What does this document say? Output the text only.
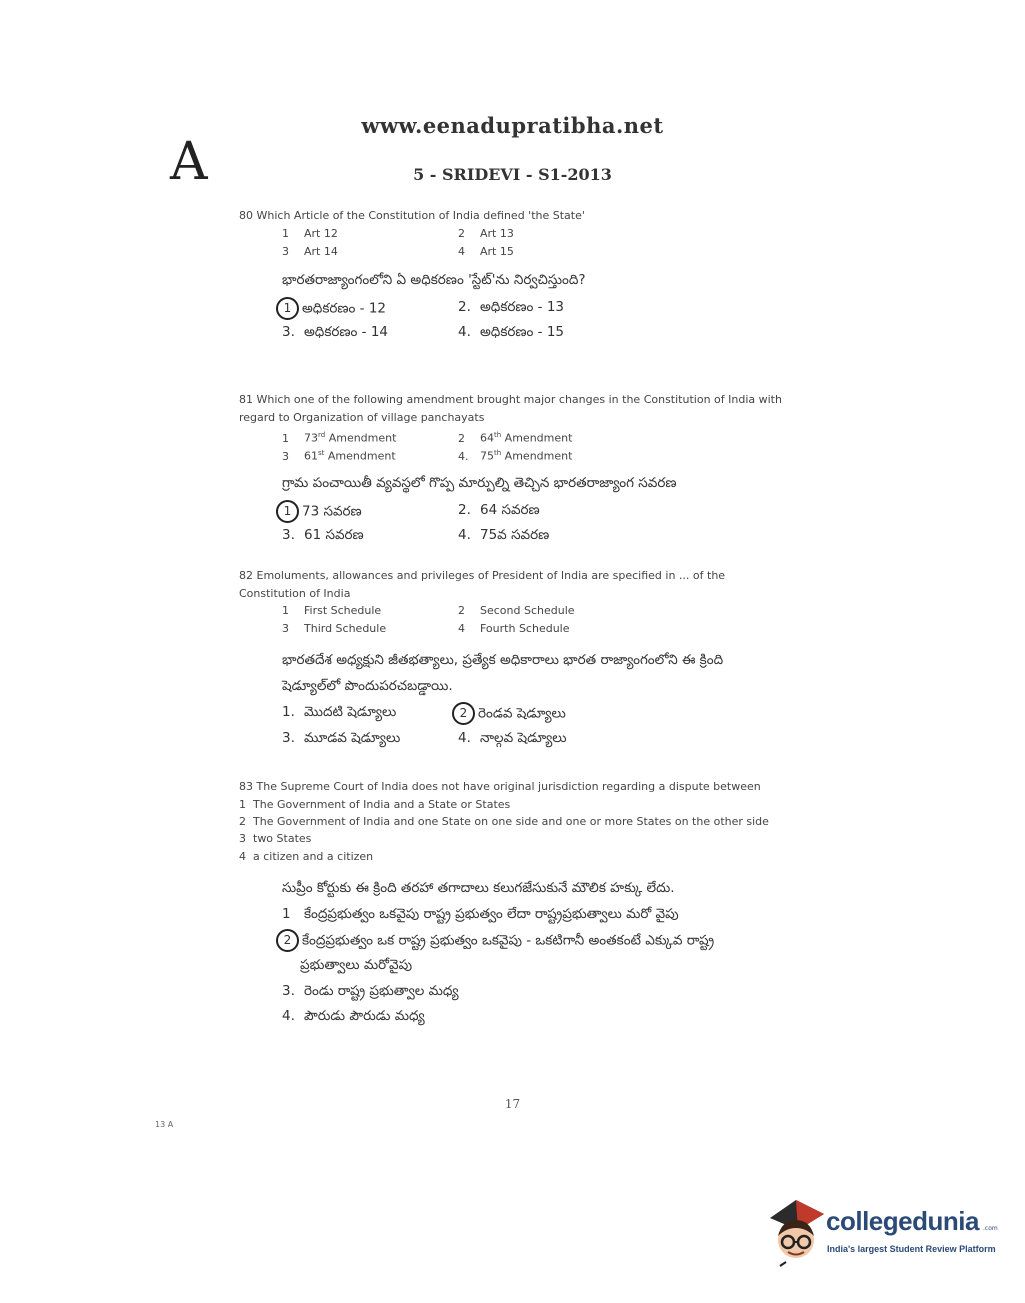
www.eenadupratibha.net
A	5 - SRIDEVI - S1-2013
80 Which Article of the Constitution of India defined 'the State'
1 Art 12	2 Art 13
3 Art 14	4 Art 15
భారతరాజ్యాంగంలోని ఏ అధికరణం 'స్టేట్'ను నిర్వచిస్తుంది?
1 అధికరణం - 12	2. అధికరణం - 13
3. అధికరణం - 14	4. అధికరణం - 15
81 Which one of the following amendment brought major changes in the Constitution of India with
regard to Organization of village panchayats
1 73rd Amendment	2 64th Amendment
3 61st Amendment	4. 75th Amendment
గ్రామ పంచాయితీ వ్యవస్థలో గొప్ప మార్పుల్ని తెచ్చిన భారతరాజ్యాంగ సవరణ
1 73 సవరణ	2. 64 సవరణ
3. 61 సవరణ	4. 75వ సవరణ
82 Emoluments, allowances and privileges of President of India are specified in ... of the
Constitution of India
1 First Schedule	2 Second Schedule
3 Third Schedule	4 Fourth Schedule
భారతదేశ అధ్యక్షుని జీతభత్యాలు, ప్రత్యేక అధికారాలు భారత రాజ్యాంగంలోని ఈ క్రింది
షెడ్యూల్‌లో పొందుపరచబడ్డాయి.
1. మొదటి షెడ్యూలు	2 రెండవ షెడ్యూలు
3. మూడవ షెడ్యూలు	4. నాల్గవ షెడ్యూలు
83 The Supreme Court of India does not have original jurisdiction regarding a dispute between
1 The Government of India and a State or States
2 The Government of India and one State on one side and one or more States on the other side
3 two States
4 a citizen and a citizen
సుప్రీం కోర్టుకు ఈ క్రింది తరహా తగాదాలు కలుగజేసుకునే మౌలిక హక్కు లేదు.
1 కేంద్రప్రభుత్వం ఒకవైపు రాష్ట్ర ప్రభుత్వం లేదా రాష్ట్రప్రభుత్వాలు మరో వైపు
2 కేంద్రప్రభుత్వం ఒక రాష్ట్ర ప్రభుత్వం ఒకవైపు - ఒకటిగానీ అంతకంటే ఎక్కువ రాష్ట్ర
ప్రభుత్వాలు మరోవైపు
3. రెండు రాష్ట్ర ప్రభుత్వాల మధ్య
4. పౌరుడు పౌరుడు మధ్య
17
13 A
collegedunia .com
India's largest Student Review Platform
